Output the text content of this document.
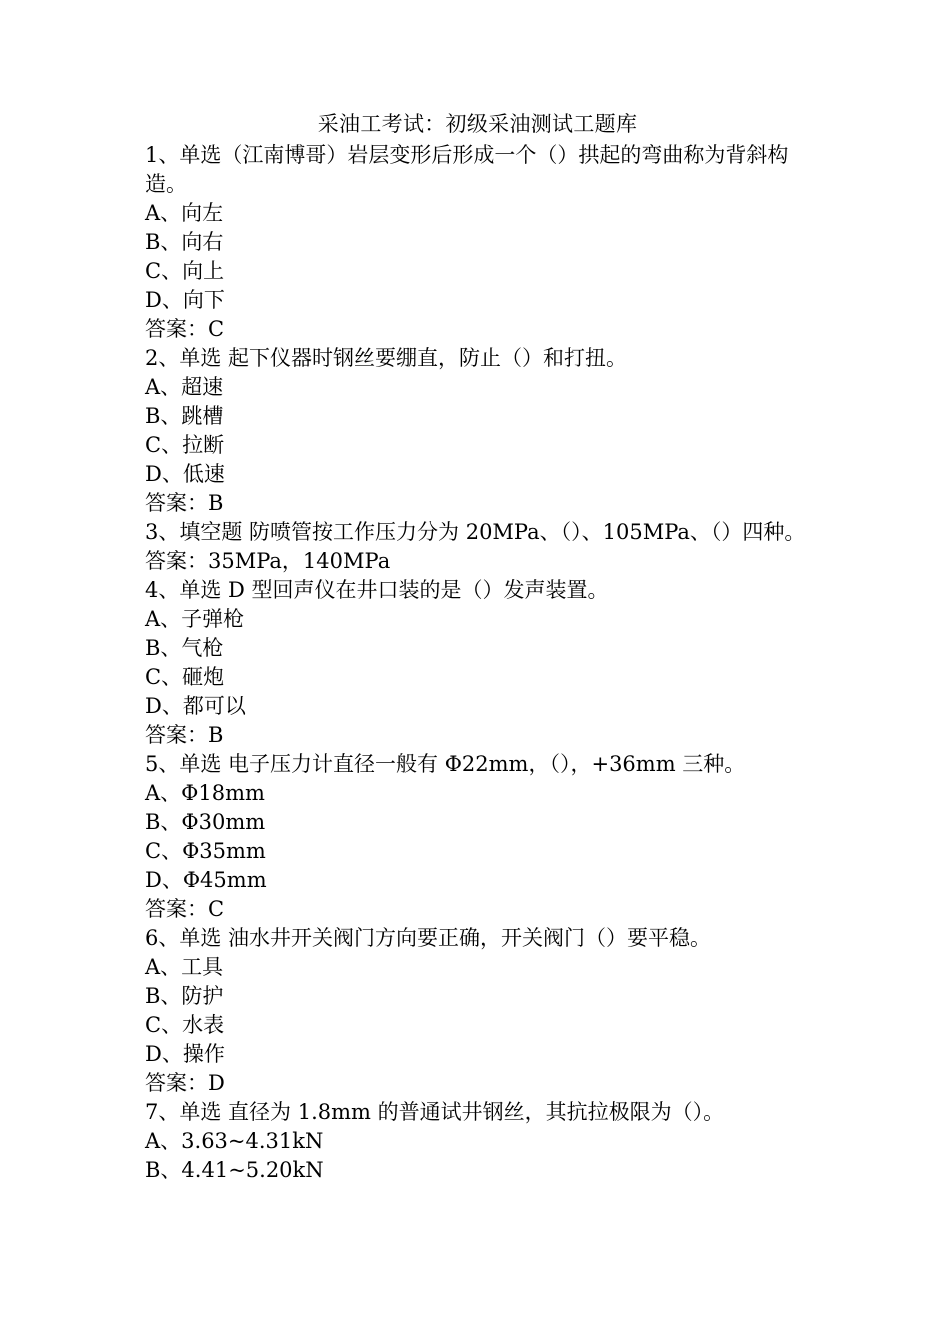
采油工考试：初级采油测试工题库
1、单选（江南博哥）岩层变形后形成一个（）拱起的弯曲称为背斜构造。
A、向左
B、向右
C、向上
D、向下
答案：C
2、单选 起下仪器时钢丝要绷直，防止（）和打扭。
A、超速
B、跳槽
C、拉断
D、低速
答案：B
3、填空题 防喷管按工作压力分为 20MPa、（）、105MPa、（）四种。
答案：35MPa，140MPa
4、单选 D 型回声仪在井口装的是（）发声装置。
A、子弹枪
B、气枪
C、砸炮
D、都可以
答案：B
5、单选 电子压力计直径一般有 Φ22mm，（），+36mm 三种。
A、Φ18mm
B、Φ30mm
C、Φ35mm
D、Φ45mm
答案：C
6、单选 油水井开关阀门方向要正确，开关阀门（）要平稳。
A、工具
B、防护
C、水表
D、操作
答案：D
7、单选 直径为 1.8mm 的普通试井钢丝，其抗拉极限为（）。
A、3.63~4.31kN
B、4.41~5.20kN
